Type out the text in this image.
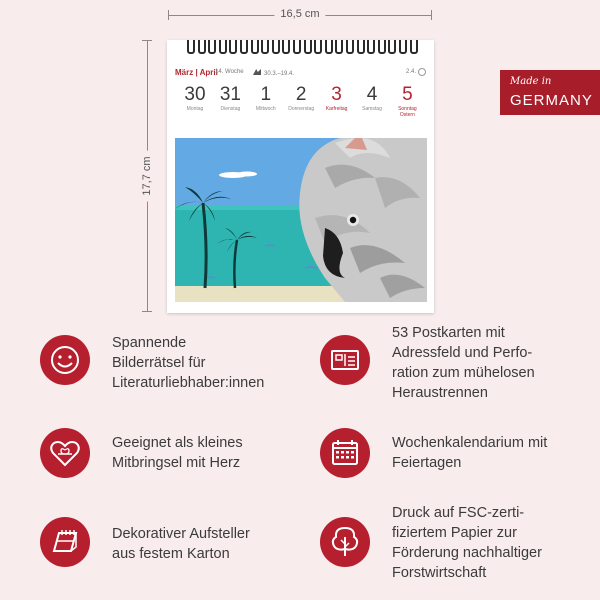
16,5 cm
17,7 cm
März | April
14. Woche	30.3.–19.4.	2.4.
30
Montag
31
Dienstag
1
Mittwoch
2
Donnerstag
3
Karfreitag
4
Samstag
5
Sonntag
Ostern
Made in
GERMANY
Spannende
Bilderrätsel für
Literaturliebhaber:innen
53 Postkarten mit
Adressfeld und Perfo-
ration zum mühelosen
Heraustrennen
Geeignet als kleines
Mitbringsel mit Herz
Wochenkalendarium mit
Feiertagen
Dekorativer Aufsteller
aus festem Karton
Druck auf FSC-zerti-
fiziertem Papier zur
Förderung nachhaltiger
Forstwirtschaft
